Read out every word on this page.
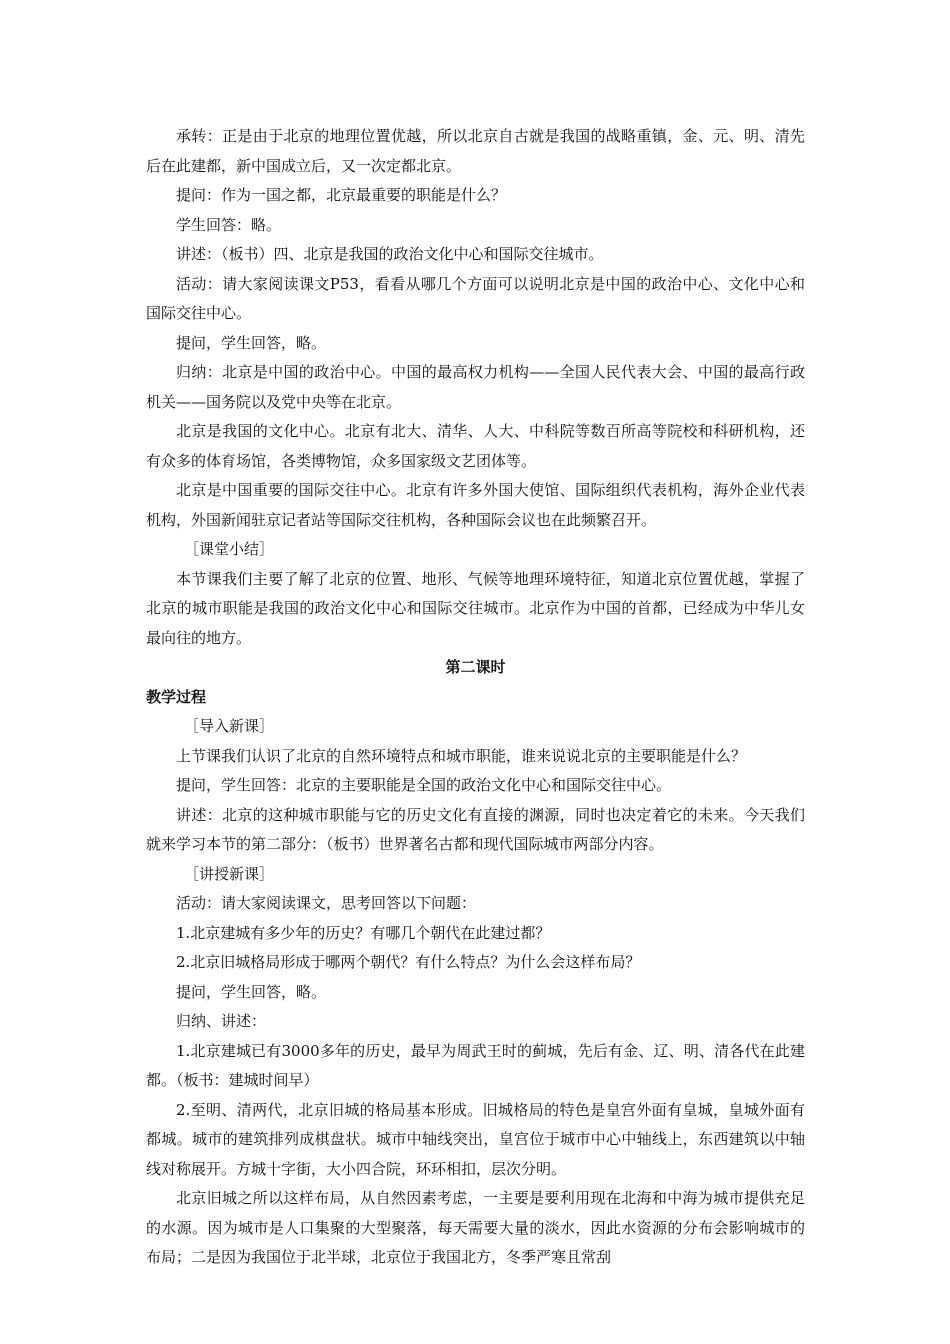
承转：正是由于北京的地理位置优越，所以北京自古就是我国的战略重镇，金、元、明、清先后在此建都，新中国成立后，又一次定都北京。

提问：作为一国之都，北京最重要的职能是什么？

学生回答：略。

讲述：（板书）四、北京是我国的政治文化中心和国际交往城市。

活动：请大家阅读课文P53，看看从哪几个方面可以说明北京是中国的政治中心、文化中心和国际交往中心。

提问，学生回答，略。

归纳：北京是中国的政治中心。中国的最高权力机构——全国人民代表大会、中国的最高行政机关——国务院以及党中央等在北京。

北京是我国的文化中心。北京有北大、清华、人大、中科院等数百所高等院校和科研机构，还有众多的体育场馆，各类博物馆，众多国家级文艺团体等。

北京是中国重要的国际交往中心。北京有许多外国大使馆、国际组织代表机构，海外企业代表机构，外国新闻驻京记者站等国际交往机构，各种国际会议也在此频繁召开。

［课堂小结］

本节课我们主要了解了北京的位置、地形、气候等地理环境特征，知道北京位置优越，掌握了北京的城市职能是我国的政治文化中心和国际交往城市。北京作为中国的首都，已经成为中华儿女最向往的地方。

第二课时

教学过程

［导入新课］

上节课我们认识了北京的自然环境特点和城市职能，谁来说说北京的主要职能是什么？

提问，学生回答：北京的主要职能是全国的政治文化中心和国际交往中心。

讲述：北京的这种城市职能与它的历史文化有直接的渊源，同时也决定着它的未来。今天我们就来学习本节的第二部分：（板书）世界著名古都和现代国际城市两部分内容。

［讲授新课］

活动：请大家阅读课文，思考回答以下问题：

1.北京建城有多少年的历史？有哪几个朝代在此建过都？

2.北京旧城格局形成于哪两个朝代？有什么特点？为什么会这样布局？

提问，学生回答，略。

归纳、讲述：

1.北京建城已有3000多年的历史，最早为周武王时的蓟城，先后有金、辽、明、清各代在此建都。（板书：建城时间早）

2.至明、清两代，北京旧城的格局基本形成。旧城格局的特色是皇宫外面有皇城，皇城外面有都城。城市的建筑排列成棋盘状。城市中轴线突出，皇宫位于城市中心中轴线上，东西建筑以中轴线对称展开。方城十字街，大小四合院，环环相扣，层次分明。

北京旧城之所以这样布局，从自然因素考虑，一主要是要利用现在北海和中海为城市提供充足的水源。因为城市是人口集聚的大型聚落，每天需要大量的淡水，因此水资源的分布会影响城市的布局；二是因为我国位于北半球，北京位于我国北方，冬季严寒且常刮
